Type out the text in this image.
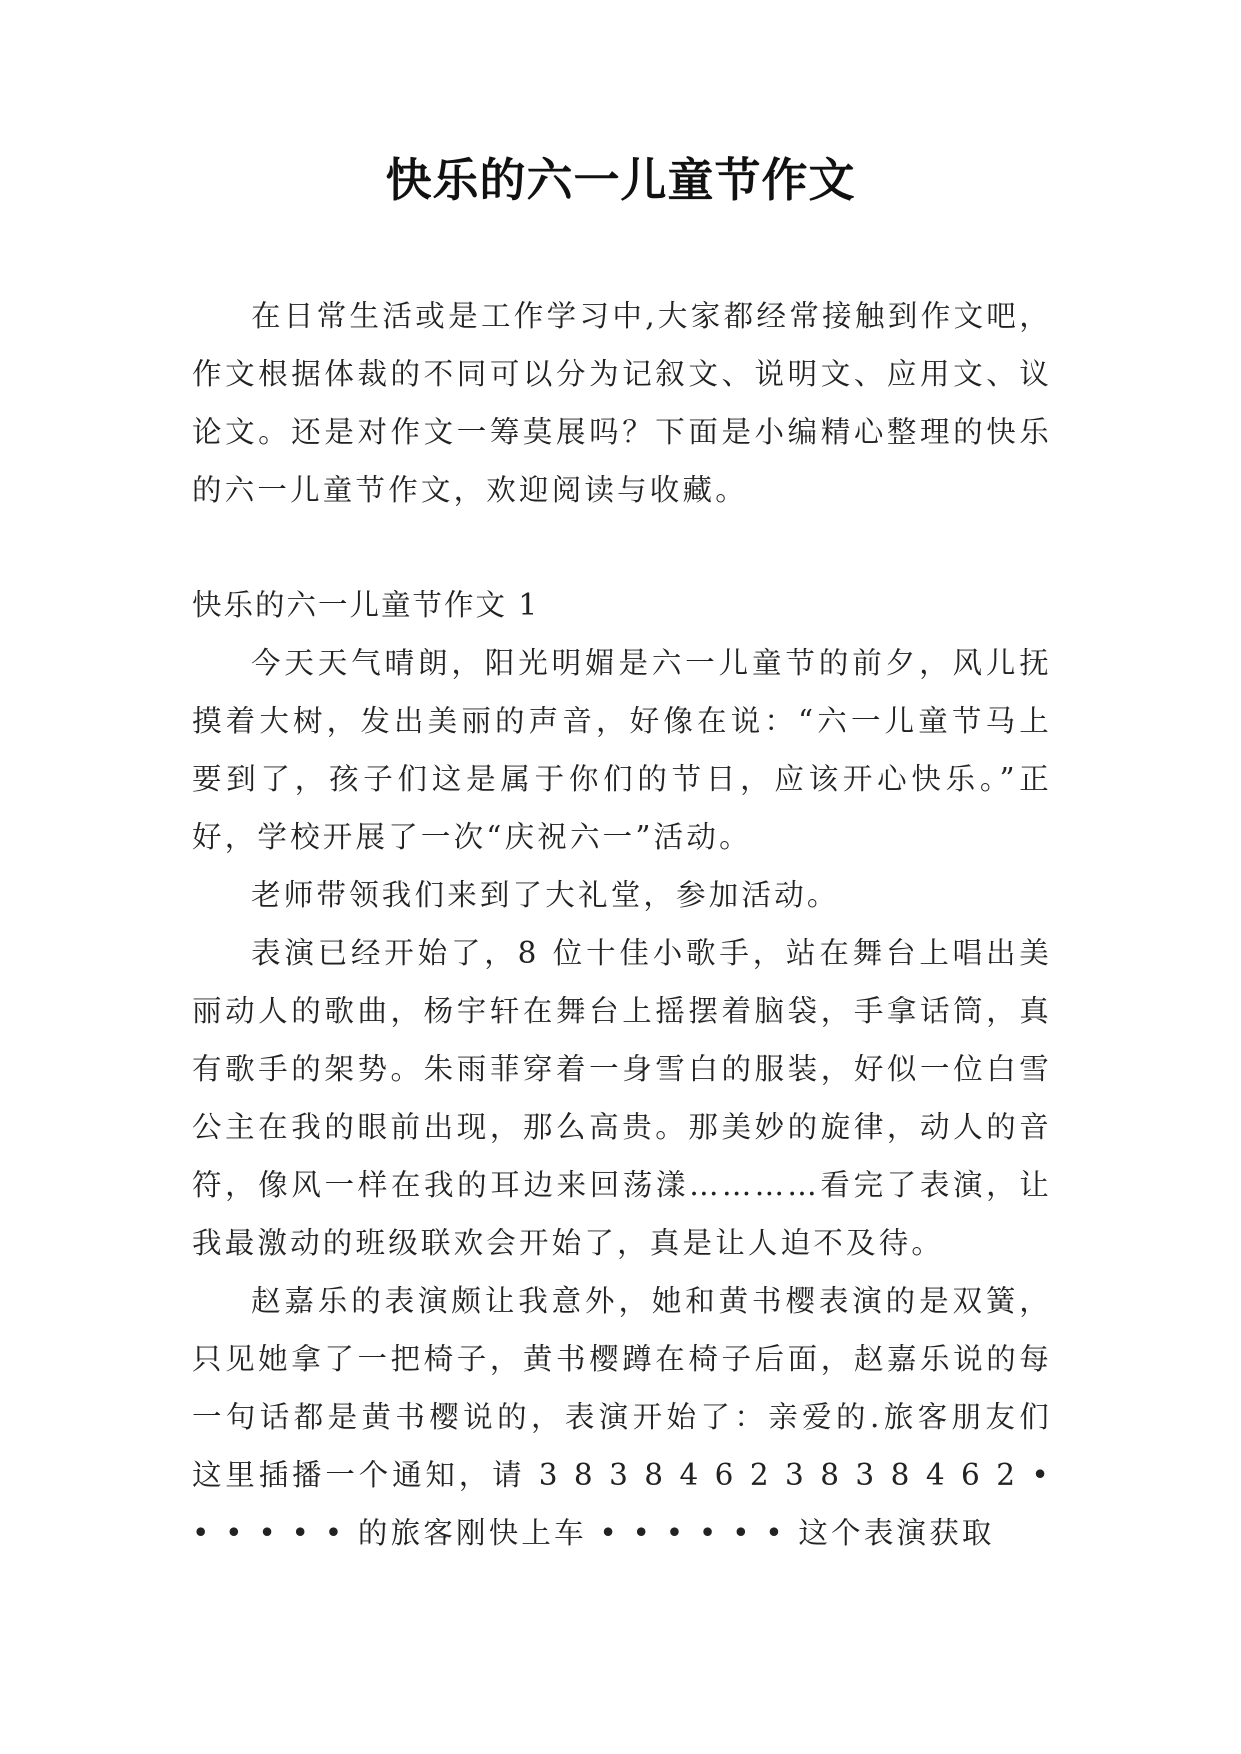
快乐的六一儿童节作文

在日常生活或是工作学习中,大家都经常接触到作文吧，作文根据体裁的不同可以分为记叙文、说明文、应用文、议论文。还是对作文一筹莫展吗？下面是小编精心整理的快乐的六一儿童节作文，欢迎阅读与收藏。

快乐的六一儿童节作文 1

今天天气晴朗，阳光明媚是六一儿童节的前夕，风儿抚摸着大树，发出美丽的声音，好像在说：“六一儿童节马上要到了，孩子们这是属于你们的节日，应该开心快乐。”正好，学校开展了一次“庆祝六一”活动。

老师带领我们来到了大礼堂，参加活动。

表演已经开始了，8 位十佳小歌手，站在舞台上唱出美丽动人的歌曲，杨宇轩在舞台上摇摆着脑袋，手拿话筒，真有歌手的架势。朱雨菲穿着一身雪白的服装，好似一位白雪公主在我的眼前出现，那么高贵。那美妙的旋律，动人的音符，像风一样在我的耳边来回荡漾…………看完了表演，让我最激动的班级联欢会开始了，真是让人迫不及待。

赵嘉乐的表演颇让我意外，她和黄书樱表演的是双簧，只见她拿了一把椅子，黄书樱蹲在椅子后面，赵嘉乐说的每一句话都是黄书樱说的，表演开始了：亲爱的.旅客朋友们这里插播一个通知，请 3 8 3 8 4 6 2 3 8 3 8 4 6 2 • • • • • • 的旅客刚快上车 • • • • • • 这个表演获取
